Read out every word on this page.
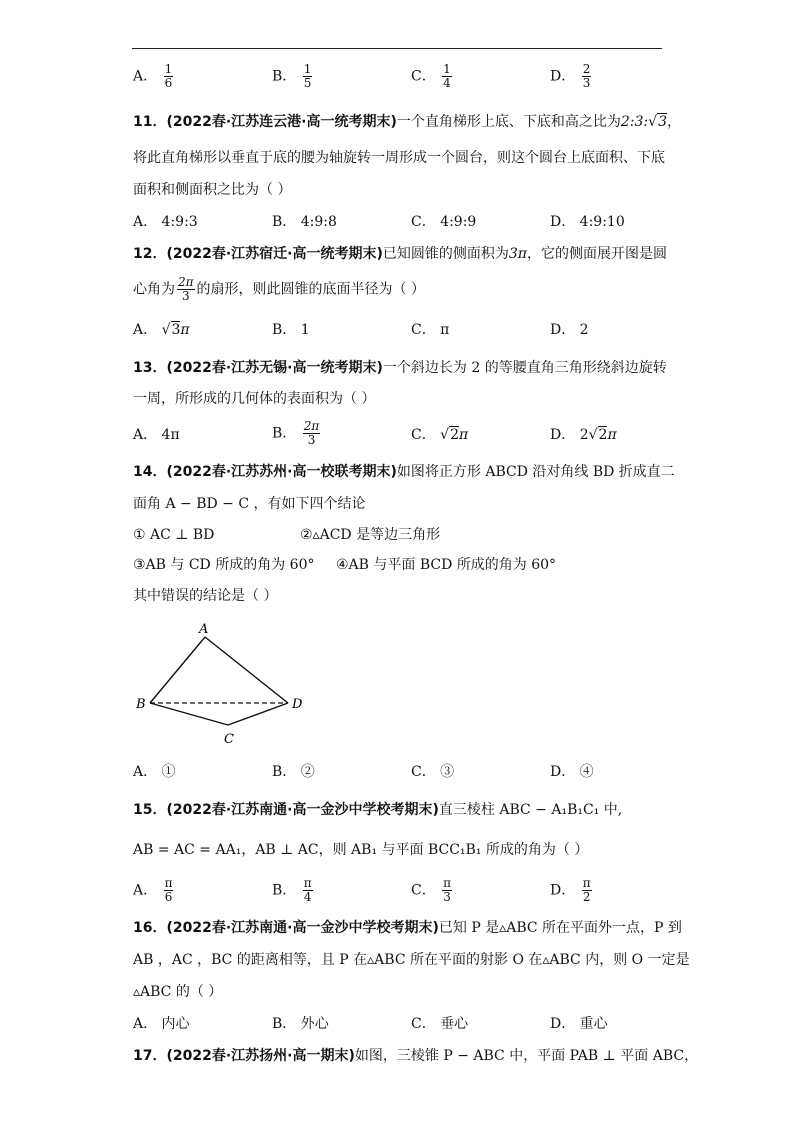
A． $\frac{1}{6}$	B． $\frac{1}{5}$	C． $\frac{1}{4}$	D． $\frac{2}{3}$
11．(2022春·江苏连云港·高一统考期末)一个直角梯形上底、下底和高之比为2:3:√3，
将此直角梯形以垂直于底的腰为轴旋转一周形成一个圆台，则这个圆台上底面积、下底
面积和侧面积之比为（ ）
A． 4:9:3	B． 4:9:8	C． 4:9:9	D． 4:9:10
12．(2022春·江苏宿迁·高一统考期末)已知圆锥的侧面积为3π，它的侧面展开图是圆
心角为 $\frac{2\pi}{3}$ 的扇形，则此圆锥的底面半径为（ ）
A． √3π	B． 1	C． π	D． 2
13．(2022春·江苏无锡·高一统考期末)一个斜边长为 2 的等腰直角三角形绕斜边旋转
一周，所形成的几何体的表面积为（ ）
A． 4π	B． $\frac{2\pi}{3}$	C． √2π	D． 2√2π
14．(2022春·江苏苏州·高一校联考期末)如图将正方形 ABCD 沿对角线 BD 折成直二
面角 A − BD − C ，有如下四个结论
① AC ⊥ BD	②▵ACD 是等边三角形
③AB 与 CD 所成的角为 60° ④AB 与平面 BCD 所成的角为 60°
其中错误的结论是（ ）
A
B
C
D
A． ①	B． ②	C． ③	D． ④
15．(2022春·江苏南通·高一金沙中学校考期末)直三棱柱 ABC − A₁B₁C₁ 中,
AB = AC = AA₁，AB ⊥ AC，则 AB₁ 与平面 BCC₁B₁ 所成的角为（ ）
A． $\frac{\pi}{6}$	B． $\frac{\pi}{4}$	C． $\frac{\pi}{3}$	D． $\frac{\pi}{2}$
16．(2022春·江苏南通·高一金沙中学校考期末)已知 P 是▵ABC 所在平面外一点，P 到
AB ，AC ，BC 的距离相等，且 P 在▵ABC 所在平面的射影 O 在▵ABC 内，则 O 一定是
▵ABC 的（ ）
A． 内心	B． 外心	C． 垂心	D． 重心
17．(2022春·江苏扬州·高一期末)如图，三棱锥 P − ABC 中，平面 PAB ⊥ 平面 ABC，
